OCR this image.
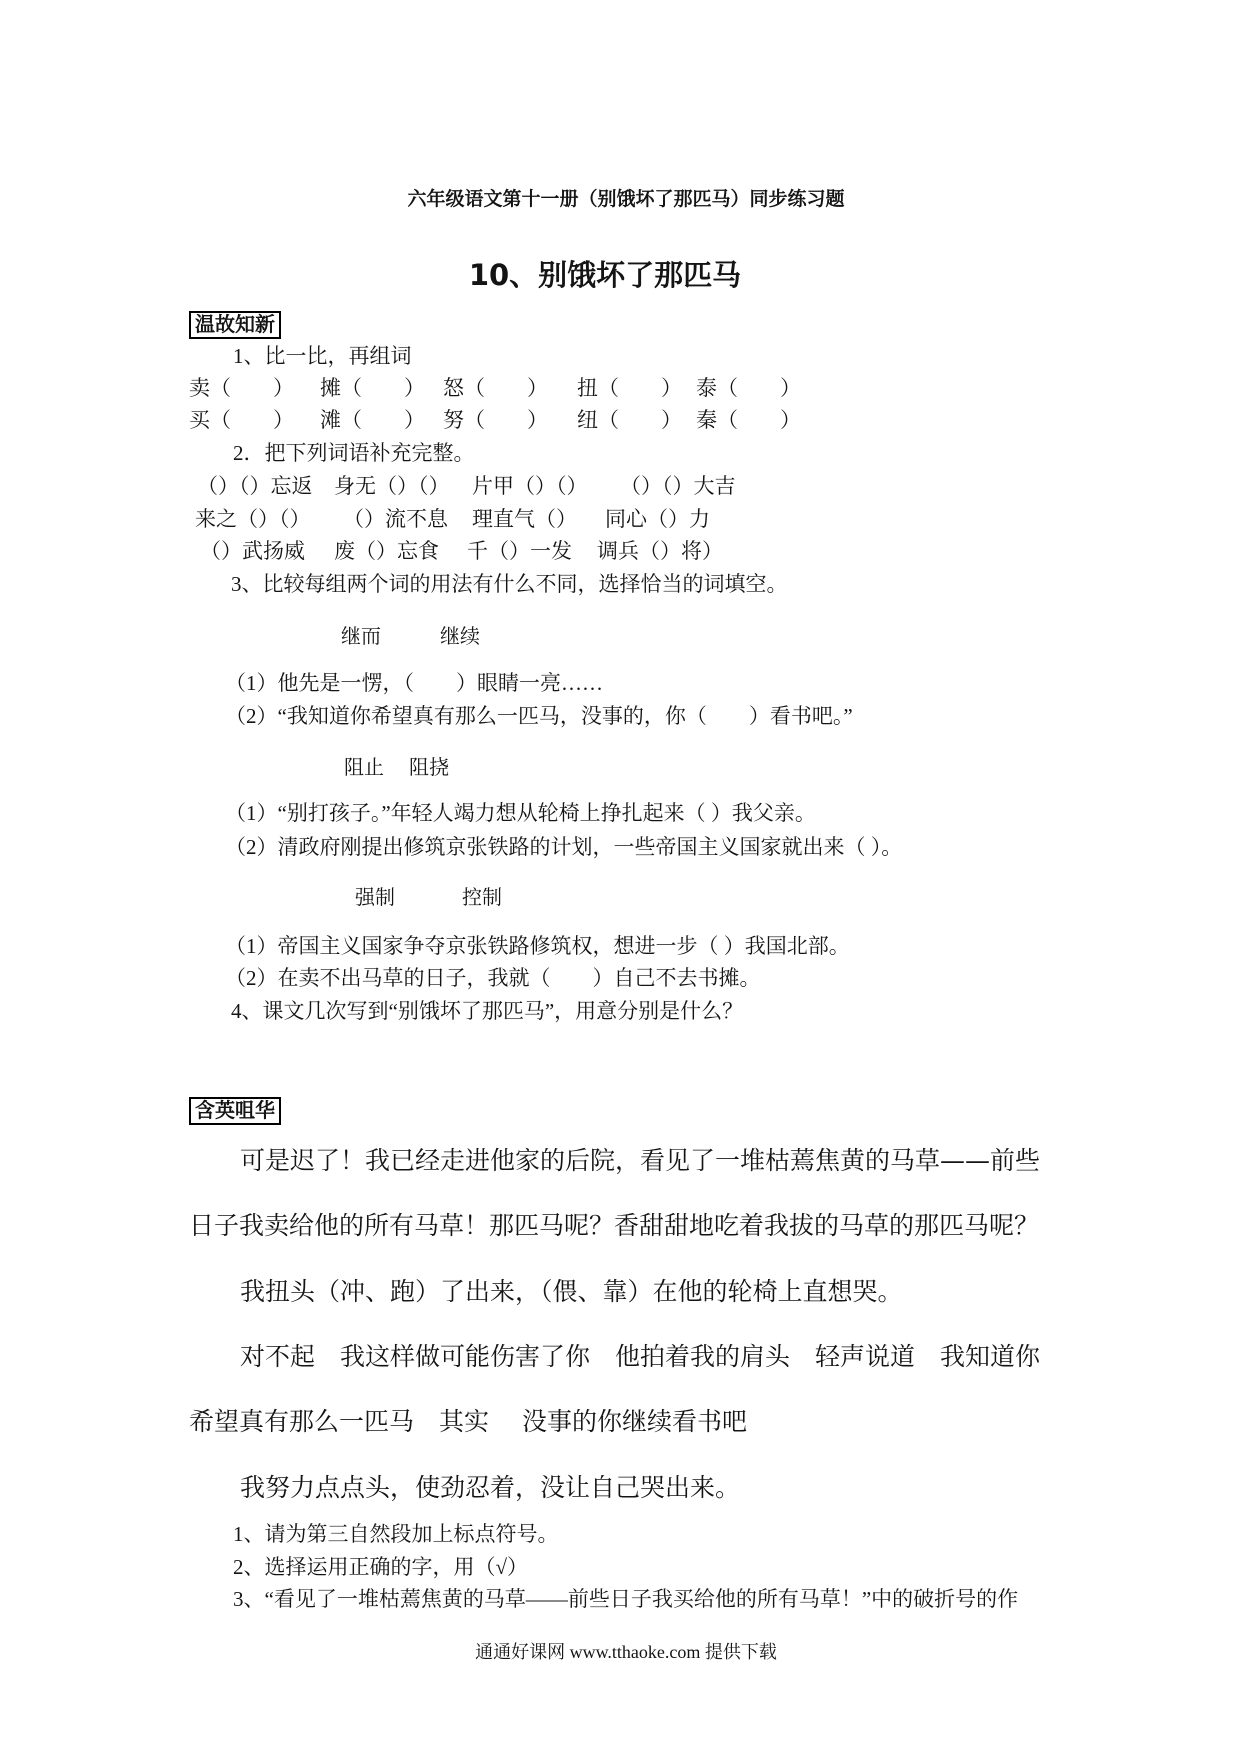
六年级语文第十一册（别饿坏了那匹马）同步练习题
10、别饿坏了那匹马
温故知新
1、比一比，再组词
卖（　　） 摊（　　） 怒（　　） 扭（　　） 泰（　　）
买（　　） 滩（　　） 努（　　） 纽（　　） 秦（　　）
2．把下列词语补充完整。
（）（）忘返 身无（）（） 片甲（）（） （）（）大吉
来之（）（） （）流不息 理直气（） 同心（）力
（）武扬威 废（）忘食 千（）一发 调兵（）将）
3、比较每组两个词的用法有什么不同，选择恰当的词填空。
继而	继续
（1）他先是一愣，（　　）眼睛一亮……
（2）“我知道你希望真有那么一匹马，没事的，你（　　）看书吧。”
阻止 阻挠
（1）“别打孩子。”年轻人竭力想从轮椅上挣扎起来（ ）我父亲。
（2）清政府刚提出修筑京张铁路的计划，一些帝国主义国家就出来（ ）。
强制	控制
（1）帝国主义国家争夺京张铁路修筑权，想进一步（ ）我国北部。
（2）在卖不出马草的日子，我就（　　）自己不去书摊。
4、课文几次写到“别饿坏了那匹马”，用意分别是什么？
含英咀华
可是迟了！我已经走进他家的后院，看见了一堆枯蔫焦黄的马草——前些
日子我卖给他的所有马草！那匹马呢？香甜甜地吃着我拔的马草的那匹马呢？
我扭头（冲、跑）了出来，（偎、靠）在他的轮椅上直想哭。
对不起　我这样做可能伤害了你　他拍着我的肩头　轻声说道　我知道你
希望真有那么一匹马　其实　 没事的你继续看书吧
我努力点点头，使劲忍着，没让自己哭出来。
1、请为第三自然段加上标点符号。
2、选择运用正确的字，用（√）
3、“看见了一堆枯蔫焦黄的马草——前些日子我买给他的所有马草！”中的破折号的作
通通好课网 www.tthaoke.com 提供下载
